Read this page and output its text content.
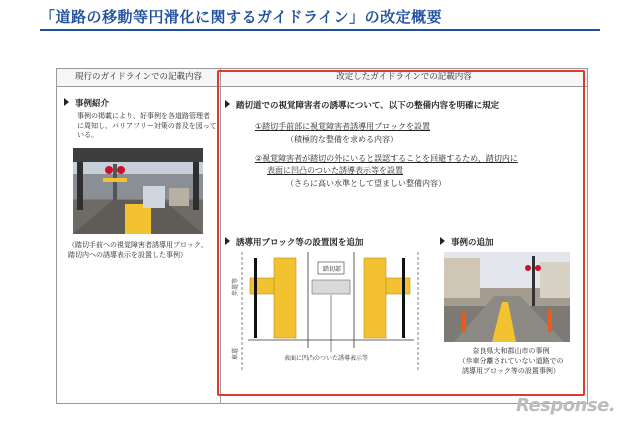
「道路の移動等円滑化に関するガイドライン」の改定概要
現行のガイドラインでの記載内容	改定したガイドラインでの記載内容
事例紹介
事例の掲載により、好事例を各道路管理者
に周知し、バリアフリー対策の普及を図って
いる。
（踏切手前への視覚障害者誘導用ブロック、
踏切内への誘導表示を設置した事例）
踏切道での視覚障害者の誘導について、以下の整備内容を明確に規定
①踏切手前部に視覚障害者誘導用ブロックを設置
（積極的な整備を求める内容）
②視覚障害者が踏切の外にいると誤認することを回避するため、踏切内に
表面に凹凸のついた誘導表示等を設置
（さらに高い水準として望ましい整備内容）
誘導用ブロック等の設置図を追加	事例の追加
踏切部
歩道等
車道	表面に凹凸のついた誘導表示等
奈良県大和郡山市の事例
（歩車分離されていない道路での
誘導用ブロック等の設置事例）
Response.
